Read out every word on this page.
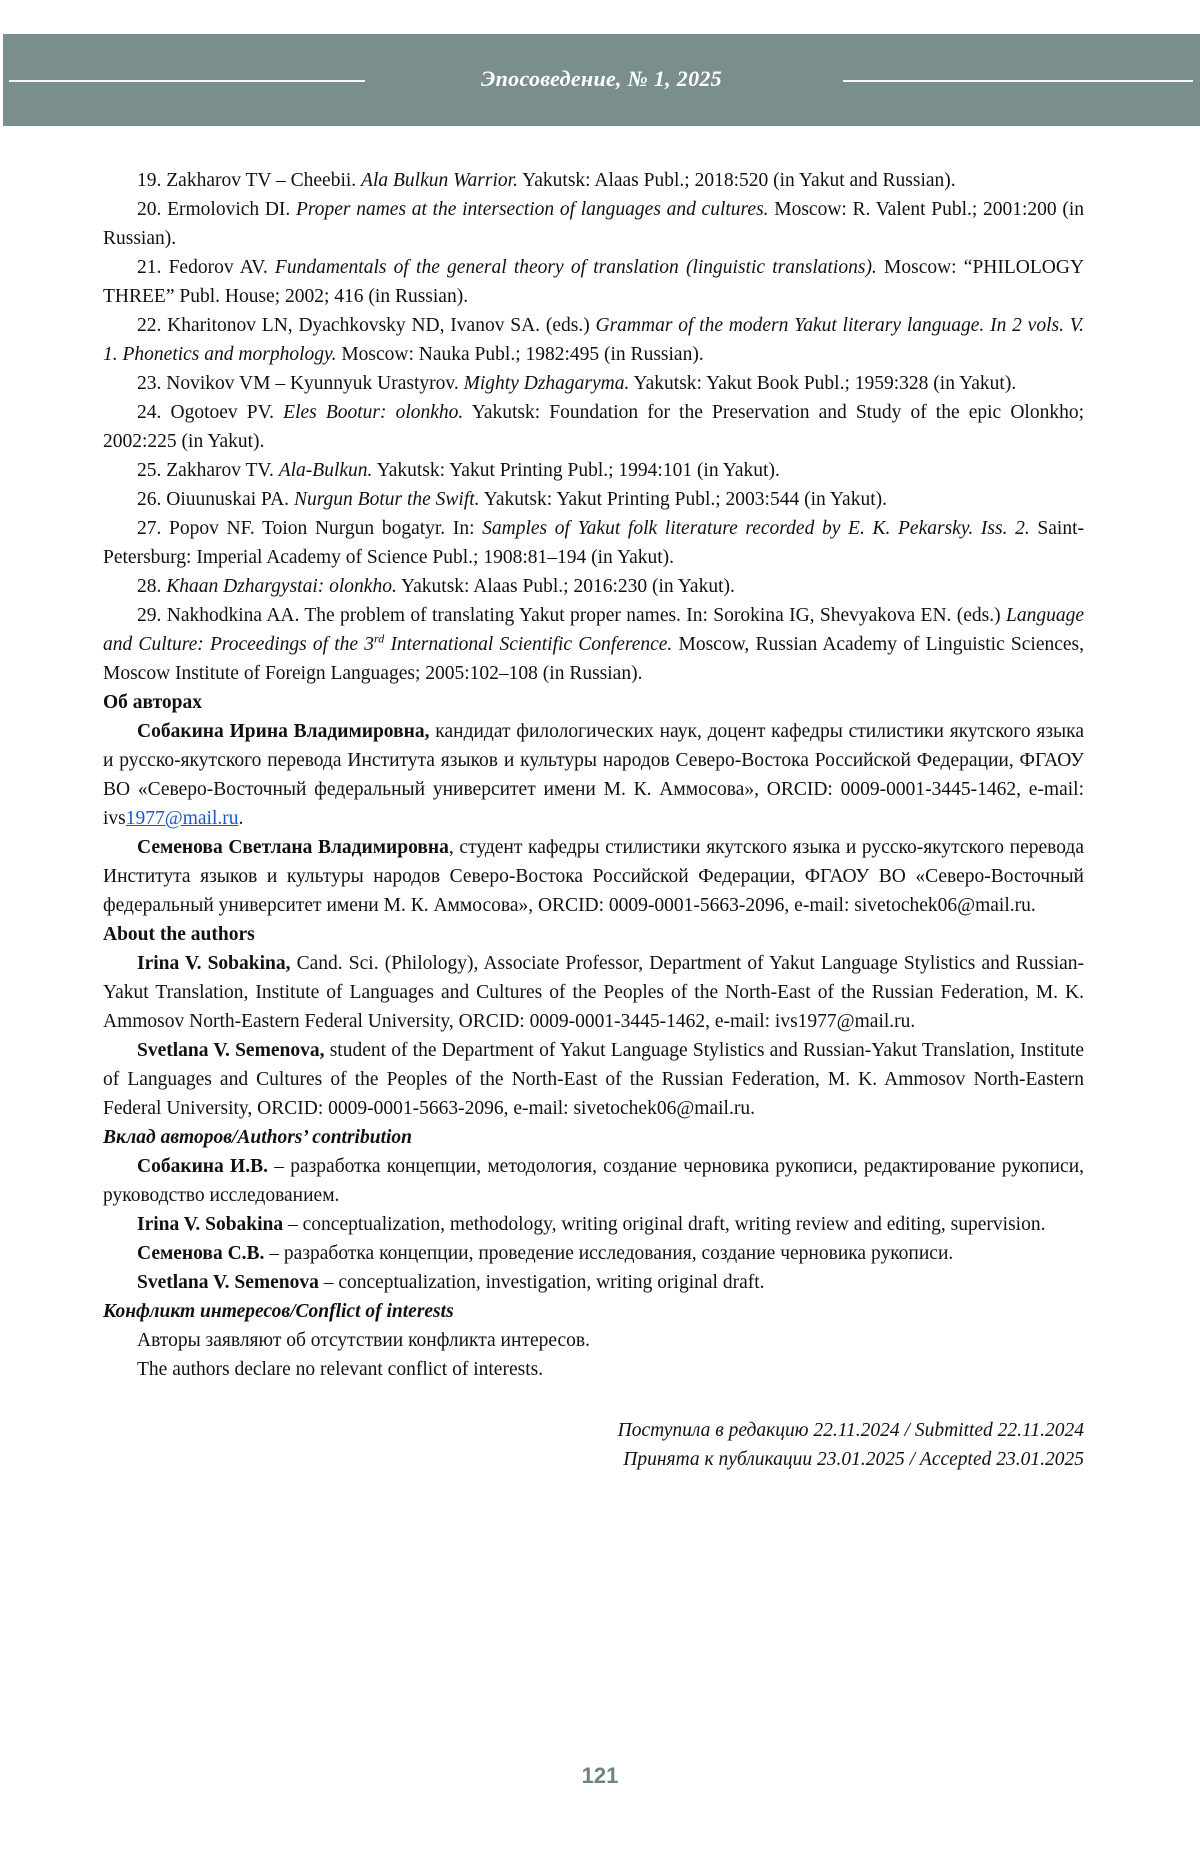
Эпосоведение, № 1, 2025

19. Zakharov TV – Cheebii. Ala Bulkun Warrior. Yakutsk: Alaas Publ.; 2018:520 (in Yakut and Russian).

20. Ermolovich DI. Proper names at the intersection of languages and cultures. Moscow: R. Valent Publ.; 2001:200 (in Russian).

21. Fedorov AV. Fundamentals of the general theory of translation (linguistic translations). Moscow: “PHILOLOGY THREE” Publ. House; 2002; 416 (in Russian).

22. Kharitonov LN, Dyachkovsky ND, Ivanov SA. (eds.) Grammar of the modern Yakut literary language. In 2 vols. V. 1. Phonetics and morphology. Moscow: Nauka Publ.; 1982:495 (in Russian).

23. Novikov VM – Kyunnyuk Urastyrov. Mighty Dzhagaryma. Yakutsk: Yakut Book Publ.; 1959:328 (in Yakut).

24. Ogotoev PV. Eles Bootur: olonkho. Yakutsk: Foundation for the Preservation and Study of the epic Olonkho; 2002:225 (in Yakut).

25. Zakharov TV. Ala-Bulkun. Yakutsk: Yakut Printing Publ.; 1994:101 (in Yakut).

26. Oiuunuskai PA. Nurgun Botur the Swift. Yakutsk: Yakut Printing Publ.; 2003:544 (in Yakut).

27. Popov NF. Toion Nurgun bogatyr. In: Samples of Yakut folk literature recorded by E. K. Pekarsky. Iss. 2. Saint-Petersburg: Imperial Academy of Science Publ.; 1908:81–194 (in Yakut).

28. Khaan Dzhargystai: olonkho. Yakutsk: Alaas Publ.; 2016:230 (in Yakut).

29. Nakhodkina AA. The problem of translating Yakut proper names. In: Sorokina IG, Shevyakova EN. (eds.) Language and Culture: Proceedings of the 3rd International Scientific Conference. Moscow, Russian Academy of Linguistic Sciences, Moscow Institute of Foreign Languages; 2005:102–108 (in Russian).

Об авторах

Собакина Ирина Владимировна, кандидат филологических наук, доцент кафедры стилистики якутского языка и русско-якутского перевода Института языков и культуры народов Северо-Востока Российской Федерации, ФГАОУ ВО «Северо-Восточный федеральный университет имени М. К. Аммосова», ORCID: 0009-0001-3445-1462, e-mail: ivs1977@mail.ru.

Семенова Светлана Владимировна, студент кафедры стилистики якутского языка и русско-якутского перевода Института языков и культуры народов Северо-Востока Российской Федерации, ФГАОУ ВО «Северо-Восточный федеральный университет имени М. К. Аммосова», ORCID: 0009-0001-5663-2096, e-mail: sivetochek06@mail.ru.

About the authors

Irina V. Sobakina, Cand. Sci. (Philology), Associate Professor, Department of Yakut Language Stylistics and Russian-Yakut Translation, Institute of Languages and Cultures of the Peoples of the North-East of the Russian Federation, M. K. Ammosov North-Eastern Federal University, ORCID: 0009-0001-3445-1462, e-mail: ivs1977@mail.ru.

Svetlana V. Semenova, student of the Department of Yakut Language Stylistics and Russian-Yakut Translation, Institute of Languages and Cultures of the Peoples of the North-East of the Russian Federation, M. K. Ammosov North-Eastern Federal University, ORCID: 0009-0001-5663-2096, e-mail: sivetochek06@mail.ru.

Вклад авторов/Authors’ contribution

Собакина И.В. – разработка концепции, методология, создание черновика рукописи, редактирование рукописи, руководство исследованием.

Irina V. Sobakina – conceptualization, methodology, writing original draft, writing review and editing, supervision.

Семенова С.В. – разработка концепции, проведение исследования, создание черновика рукописи.

Svetlana V. Semenova – conceptualization, investigation, writing original draft.

Конфликт интересов/Conflict of interests

Авторы заявляют об отсутствии конфликта интересов.

The authors declare no relevant conflict of interests.

Поступила в редакцию 22.11.2024 / Submitted 22.11.2024
Принята к публикации 23.01.2025 / Accepted 23.01.2025
121
